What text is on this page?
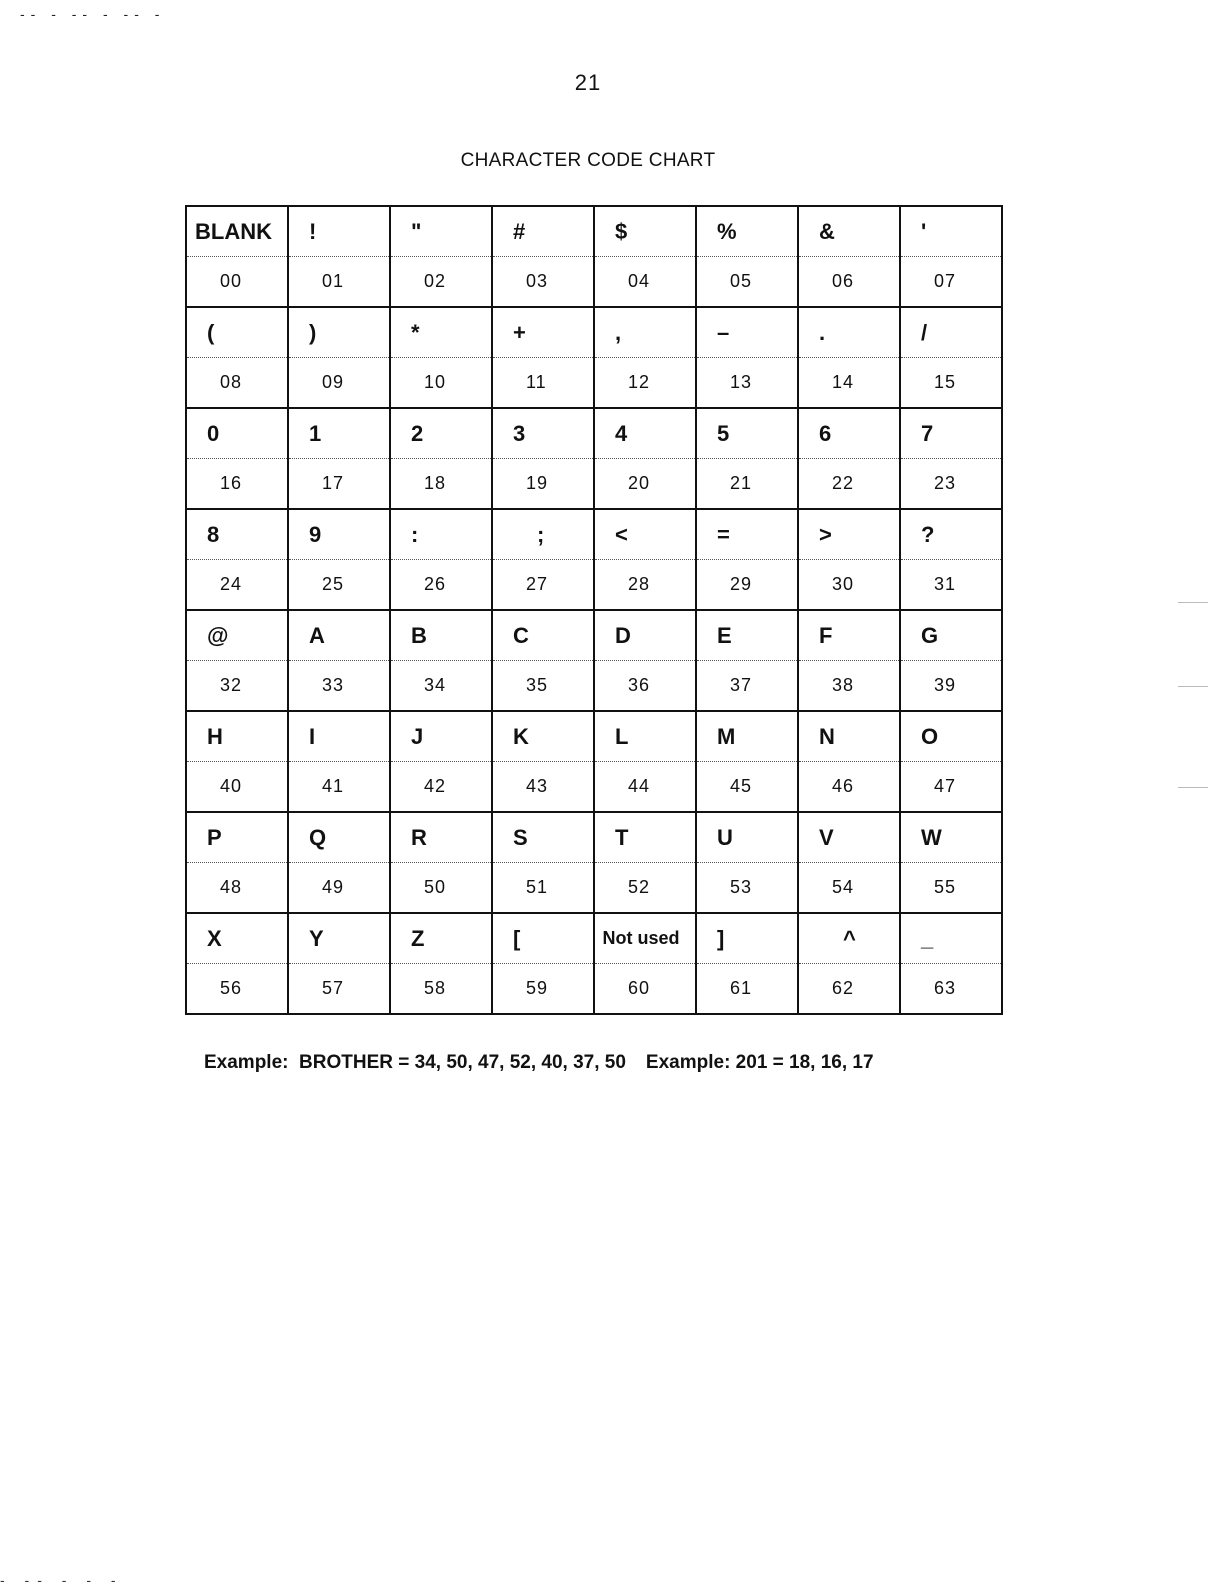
-- - -- - -- -
21
CHARACTER CODE CHART
BLANK	!	"	#	$	%	&	'
00	01	02	03	04	05	06	07
(	)	*	+	,	–	.	/
08	09	10	11	12	13	14	15
0	1	2	3	4	5	6	7
16	17	18	19	20	21	22	23
8	9	:	;	<	=	>	?
24	25	26	27	28	29	30	31
@	A	B	C	D	E	F	G
32	33	34	35	36	37	38	39
H	I	J	K	L	M	N	O
40	41	42	43	44	45	46	47
P	Q	R	S	T	U	V	W
48	49	50	51	52	53	54	55
X	Y	Z	[	Not used	]	^	_
56	57	58	59	60	61	62	63
Example:  BROTHER = 34, 50, 47, 52, 40, 37, 50 Example: 201 = 18, 16, 17
- -- - - -
